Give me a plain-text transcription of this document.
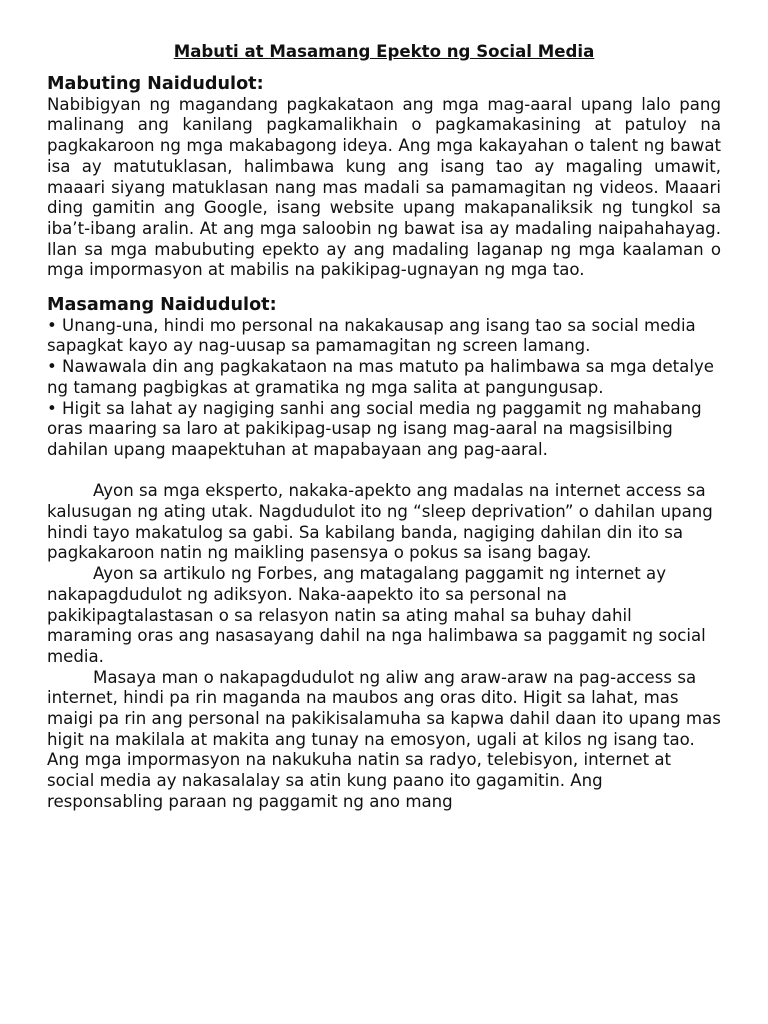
Mabuti at Masamang Epekto ng Social Media
Mabuting Naidudulot:

Nabibigyan ng magandang pagkakataon ang mga mag-aaral upang lalo pang malinang ang kanilang pagkamalikhain o pagkamakasining at patuloy na pagkakaroon ng mga makabagong ideya. Ang mga kakayahan o talent ng bawat isa ay matutuklasan, halimbawa kung ang isang tao ay magaling umawit, maaari siyang matuklasan nang mas madali sa pamamagitan ng videos. Maaari ding gamitin ang Google, isang website upang makapanaliksik ng tungkol sa iba’t-ibang aralin. At ang mga saloobin ng bawat isa ay madaling naipahahayag. Ilan sa mga mabubuting epekto ay ang madaling laganap ng mga kaalaman o mga impormasyon at mabilis na pakikipag-ugnayan ng mga tao.

Masamang Naidudulot:

• Unang-una, hindi mo personal na nakakausap ang isang tao sa social media sapagkat kayo ay nag-uusap sa pamamagitan ng screen lamang.

• Nawawala din ang pagkakataon na mas matuto pa halimbawa sa mga detalye ng tamang pagbigkas at gramatika ng mga salita at pangungusap.

• Higit sa lahat ay nagiging sanhi ang social media ng paggamit ng mahabang oras maaring sa laro at pakikipag-usap ng isang mag-aaral na magsisilbing dahilan upang maapektuhan at mapabayaan ang pag-aaral.

Ayon sa mga eksperto, nakaka-apekto ang madalas na internet access sa kalusugan ng ating utak. Nagdudulot ito ng “sleep deprivation” o dahilan upang hindi tayo makatulog sa gabi. Sa kabilang banda, nagiging dahilan din ito sa pagkakaroon natin ng maikling pasensya o pokus sa isang bagay.

Ayon sa artikulo ng Forbes, ang matagalang paggamit ng internet ay nakapagdudulot ng adiksyon. Naka-aapekto ito sa personal na pakikipagtalastasan o sa relasyon natin sa ating mahal sa buhay dahil maraming oras ang nasasayang dahil na nga halimbawa sa paggamit ng social media.

Masaya man o nakapagdudulot ng aliw ang araw-araw na pag-access sa internet, hindi pa rin maganda na maubos ang oras dito. Higit sa lahat, mas maigi pa rin ang personal na pakikisalamuha sa kapwa dahil daan ito upang mas higit na makilala at makita ang tunay na emosyon, ugali at kilos ng isang tao.

Ang mga impormasyon na nakukuha natin sa radyo, telebisyon, internet at social media ay nakasalalay sa atin kung paano ito gagamitin. Ang responsabling paraan ng paggamit ng ano mang
